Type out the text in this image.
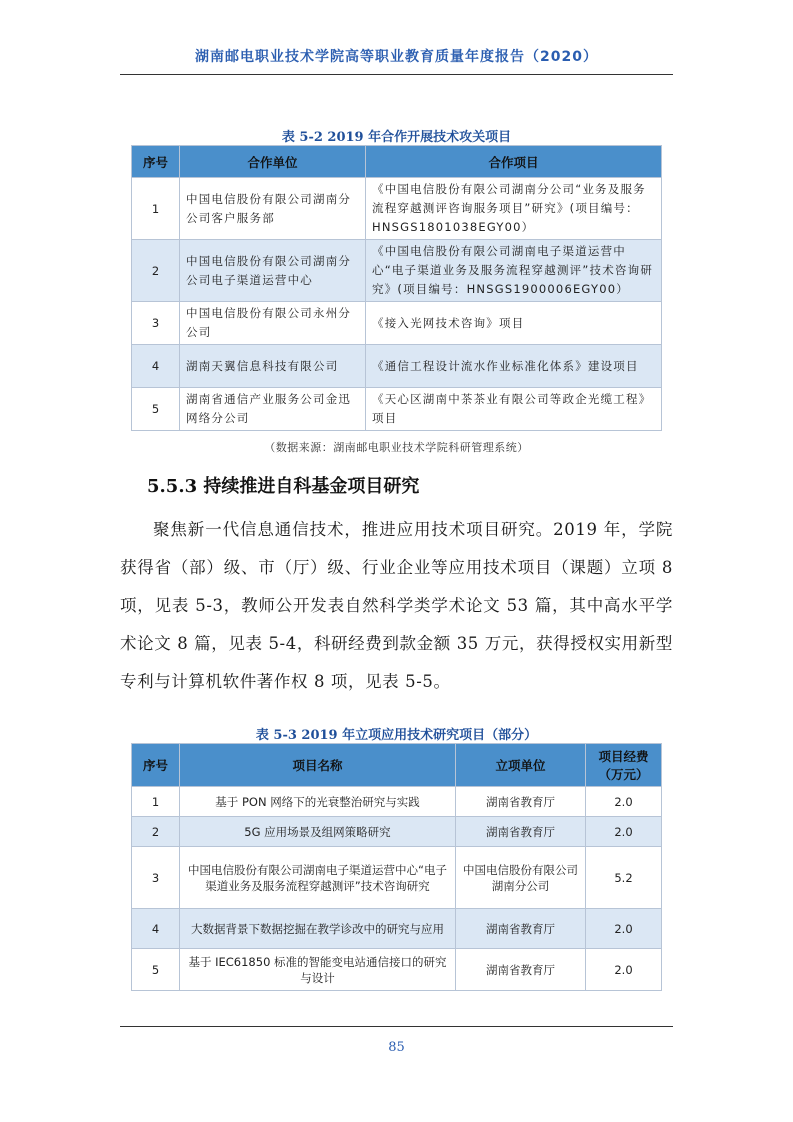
湖南邮电职业技术学院高等职业教育质量年度报告（2020）
表 5-2 2019 年合作开展技术攻关项目
序号	合作单位	合作项目
1	中国电信股份有限公司湖南分公司客户服务部	《中国电信股份有限公司湖南分公司“业务及服务流程穿越测评咨询服务项目”研究》(项目编号：HNSGS1801038EGY00）
2	中国电信股份有限公司湖南分公司电子渠道运营中心	《中国电信股份有限公司湖南电子渠道运营中心“电子渠道业务及服务流程穿越测评”技术咨询研究》(项目编号：HNSGS1900006EGY00）
3	中国电信股份有限公司永州分公司	《接入光网技术咨询》项目
4	湖南天翼信息科技有限公司	《通信工程设计流水作业标准化体系》建设项目
5	湖南省通信产业服务公司金迅网络分公司	《天心区湖南中茶茶业有限公司等政企光缆工程》项目
（数据来源：湖南邮电职业技术学院科研管理系统）
5.5.3 持续推进自科基金项目研究
聚焦新一代信息通信技术，推进应用技术项目研究。2019 年，学院获得省（部）级、市（厅）级、行业企业等应用技术项目（课题）立项 8 项，见表 5-3，教师公开发表自然科学类学术论文 53 篇，其中高水平学术论文 8 篇，见表 5-4，科研经费到款金额 35 万元，获得授权实用新型专利与计算机软件著作权 8 项，见表 5-5。
表 5-3 2019 年立项应用技术研究项目（部分）
序号	项目名称	立项单位	项目经费（万元）
1	基于 PON 网络下的光衰整治研究与实践	湖南省教育厅	2.0
2	5G 应用场景及组网策略研究	湖南省教育厅	2.0
3	中国电信股份有限公司湖南电子渠道运营中心“电子渠道业务及服务流程穿越测评”技术咨询研究	中国电信股份有限公司湖南分公司	5.2
4	大数据背景下数据挖掘在教学诊改中的研究与应用	湖南省教育厅	2.0
5	基于 IEC61850 标准的智能变电站通信接口的研究与设计	湖南省教育厅	2.0
85
